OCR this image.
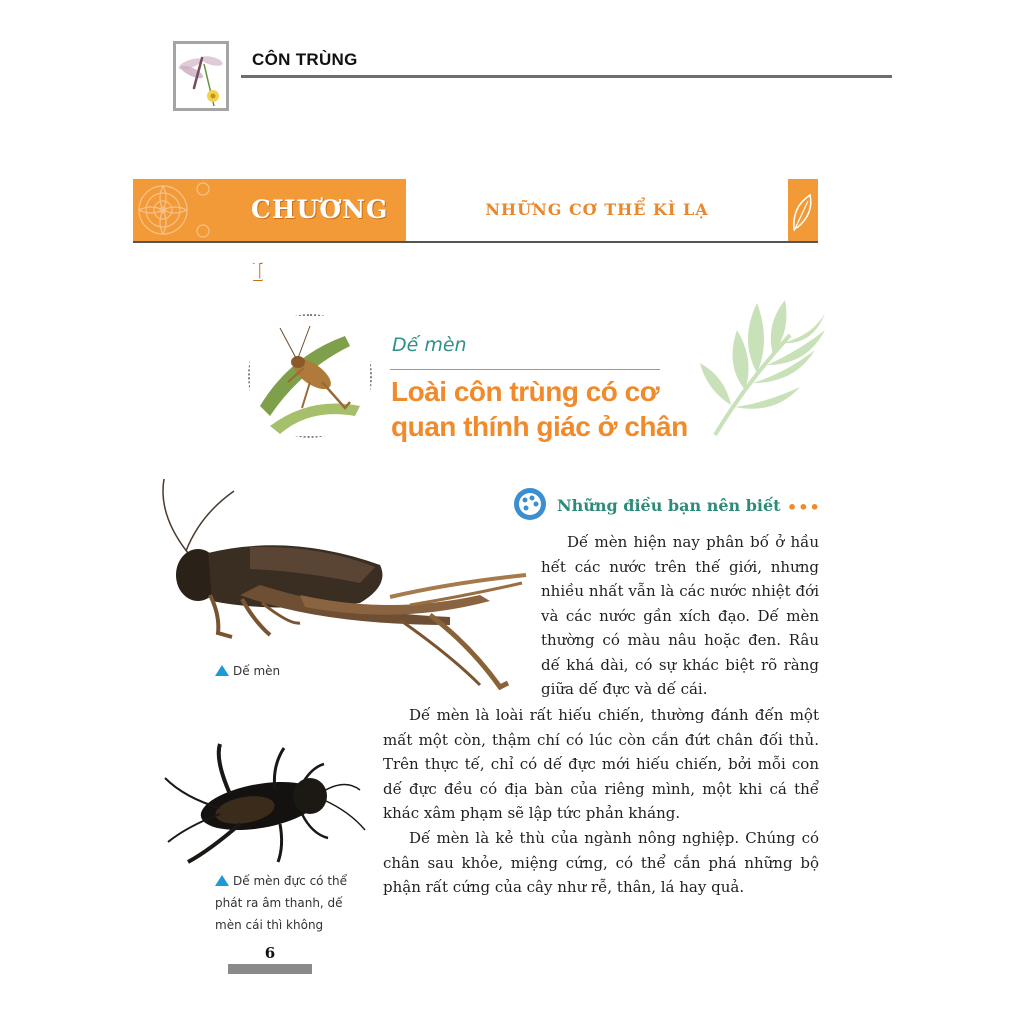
CÔN TRÙNG
CHƯƠNG I
NHỮNG CƠ THỂ KÌ LẠ
Dế mèn
Loài côn trùng có cơ quan thính giác ở chân
Dế mèn
Dế mèn đực có thể phát ra âm thanh, dế mèn cái thì không
Những điều bạn nên biết •••

Dế mèn hiện nay phân bố ở hầu hết các nước trên thế giới, nhưng nhiều nhất vẫn là các nước nhiệt đới và các nước gần xích đạo. Dế mèn thường có màu nâu hoặc đen. Râu dế khá dài, có sự khác biệt rõ ràng giữa dế đực và dế cái.

Dế mèn là loài rất hiếu chiến, thường đánh đến một mất một còn, thậm chí có lúc còn cắn đứt chân đối thủ. Trên thực tế, chỉ có dế đực mới hiếu chiến, bởi mỗi con dế đực đều có địa bàn của riêng mình, một khi cá thể khác xâm phạm sẽ lập tức phản kháng.

Dế mèn là kẻ thù của ngành nông nghiệp. Chúng có chân sau khỏe, miệng cứng, có thể cắn phá những bộ phận rất cứng của cây như rễ, thân, lá hay quả.

6
